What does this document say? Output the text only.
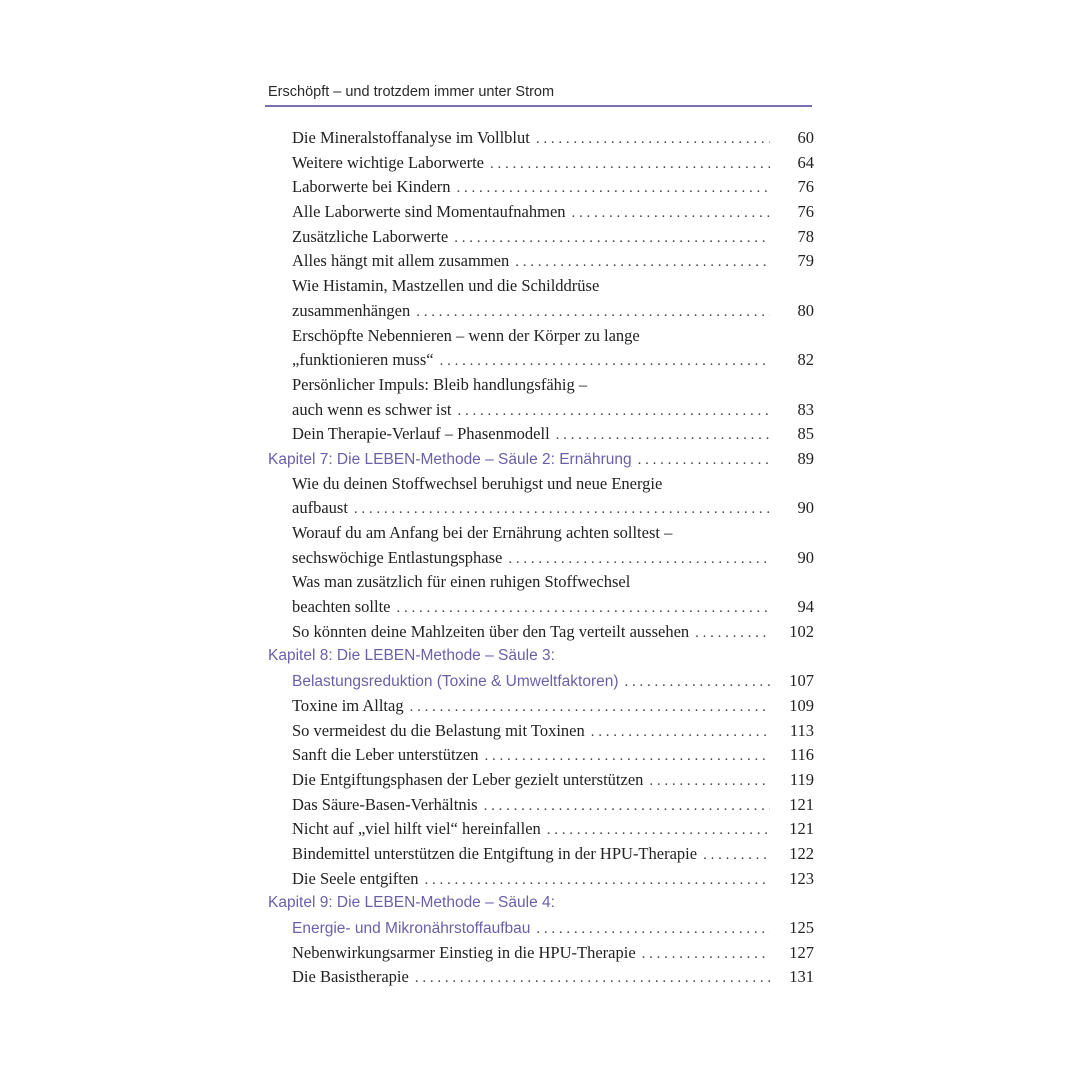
Erschöpft – und trotzdem immer unter Strom
Die Mineralstoffanalyse im Vollblut . . .	60
Weitere wichtige Laborwerte . . .	64
Laborwerte bei Kindern . . .	76
Alle Laborwerte sind Momentaufnahmen . . .	76
Zusätzliche Laborwerte . . .	78
Alles hängt mit allem zusammen . . .	79
Wie Histamin, Mastzellen und die Schilddrüse
zusammenhängen . . .	80
Erschöpfte Nebennieren – wenn der Körper zu lange
„funktionieren muss“ . . .	82
Persönlicher Impuls: Bleib handlungsfähig –
auch wenn es schwer ist . . .	83
Dein Therapie-Verlauf – Phasenmodell . . .	85
Kapitel 7: Die LEBEN-Methode – Säule 2: Ernährung . . .	89
Wie du deinen Stoffwechsel beruhigst und neue Energie
aufbaust . . .	90
Worauf du am Anfang bei der Ernährung achten solltest –
sechswöchige Entlastungsphase . . .	90
Was man zusätzlich für einen ruhigen Stoffwechsel
beachten sollte . . .	94
So könnten deine Mahlzeiten über den Tag verteilt aussehen . . .	102
Kapitel 8: Die LEBEN-Methode – Säule 3:
Belastungsreduktion (Toxine & Umweltfaktoren) . . .	107
Toxine im Alltag . . .	109
So vermeidest du die Belastung mit Toxinen . . .	113
Sanft die Leber unterstützen . . .	116
Die Entgiftungsphasen der Leber gezielt unterstützen . . .	119
Das Säure-Basen-Verhältnis . . .	121
Nicht auf „viel hilft viel“ hereinfallen . . .	121
Bindemittel unterstützen die Entgiftung in der HPU-Therapie . . .	122
Die Seele entgiften . . .	123
Kapitel 9: Die LEBEN-Methode – Säule 4:
Energie- und Mikronährstoffaufbau . . .	125
Nebenwirkungsarmer Einstieg in die HPU-Therapie . . .	127
Die Basistherapie . . .	131
